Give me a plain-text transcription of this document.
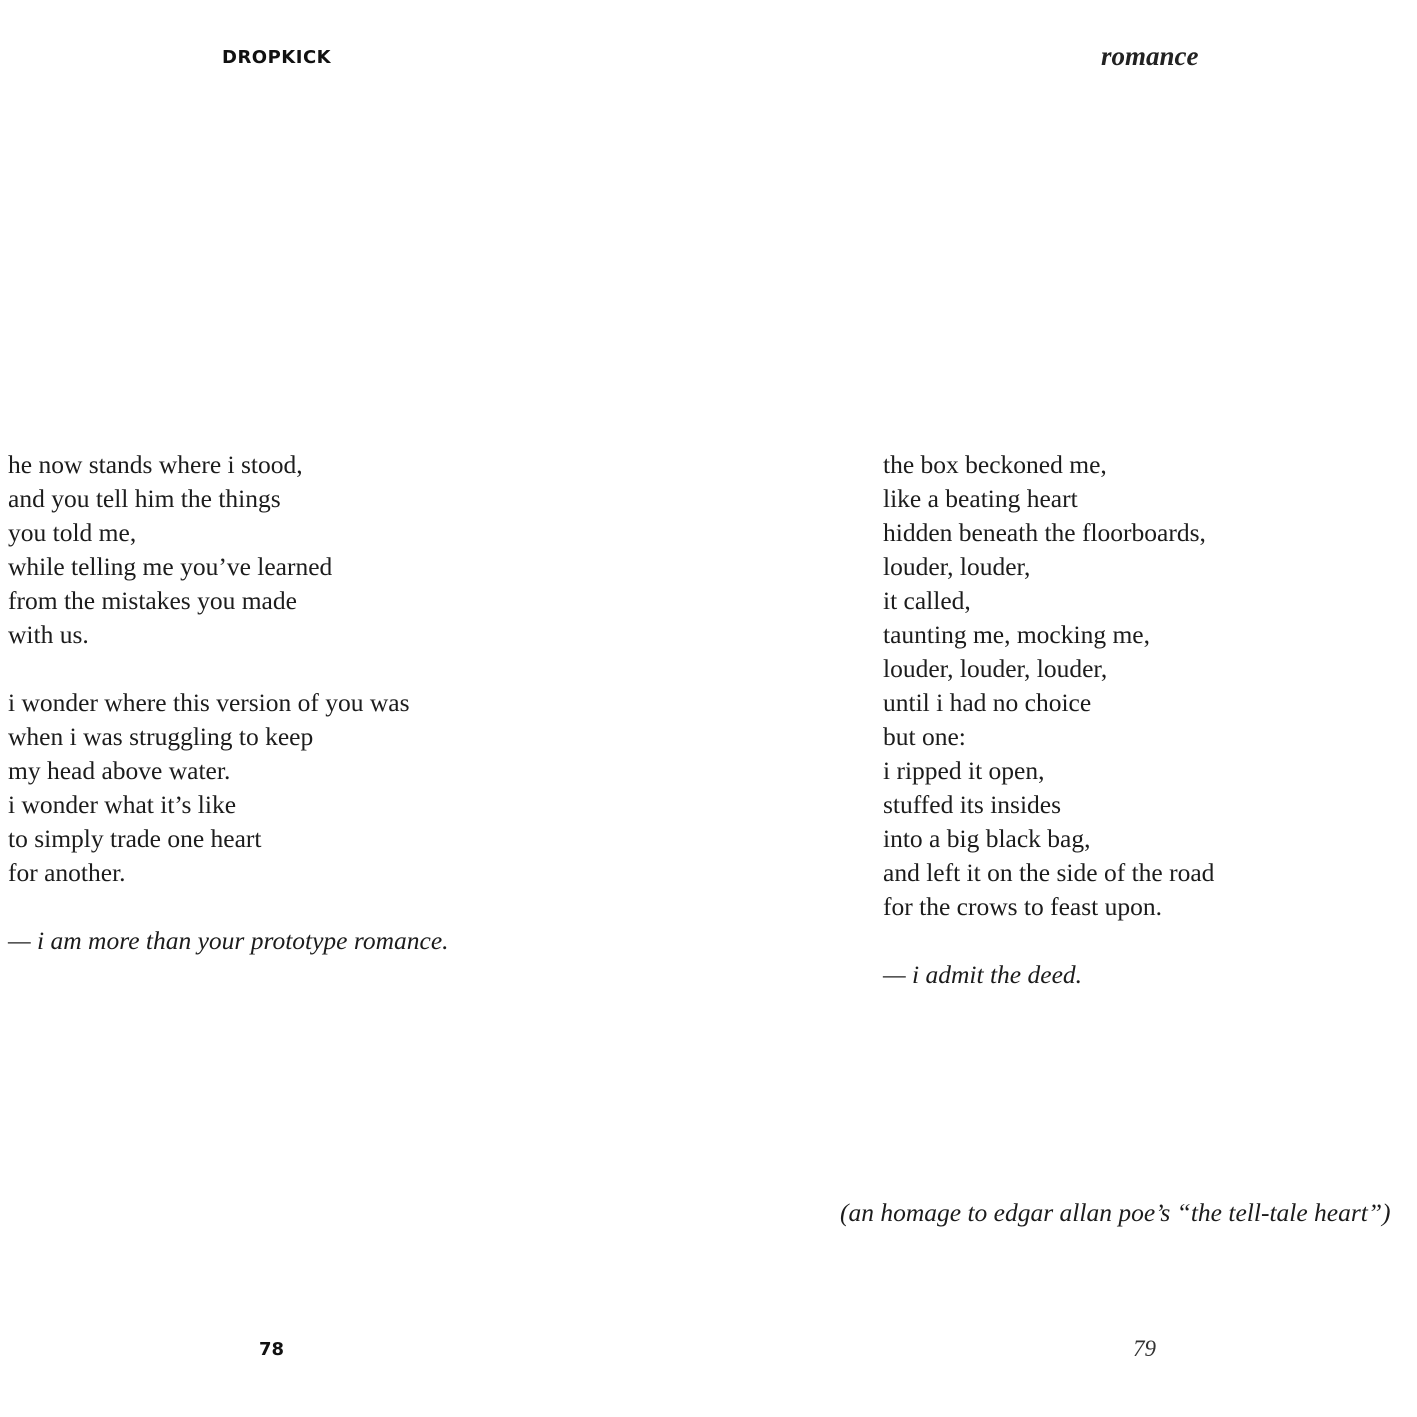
DROPKICK

he now stands where i stood,
and you tell him the things
you told me,
while telling me you’ve learned
from the mistakes you made
with us.

i wonder where this version of you was
when i was struggling to keep
my head above water.
i wonder what it’s like
to simply trade one heart
for another.

— i am more than your prototype romance.
78
romance

the box beckoned me,
like a beating heart
hidden beneath the floorboards,
louder, louder,
it called,
taunting me, mocking me,
louder, louder, louder,
until i had no choice
but one:
i ripped it open,
stuffed its insides
into a big black bag,
and left it on the side of the road
for the crows to feast upon.

— i admit the deed.
(an homage to edgar allan poe’s “the tell-tale heart”)
79
